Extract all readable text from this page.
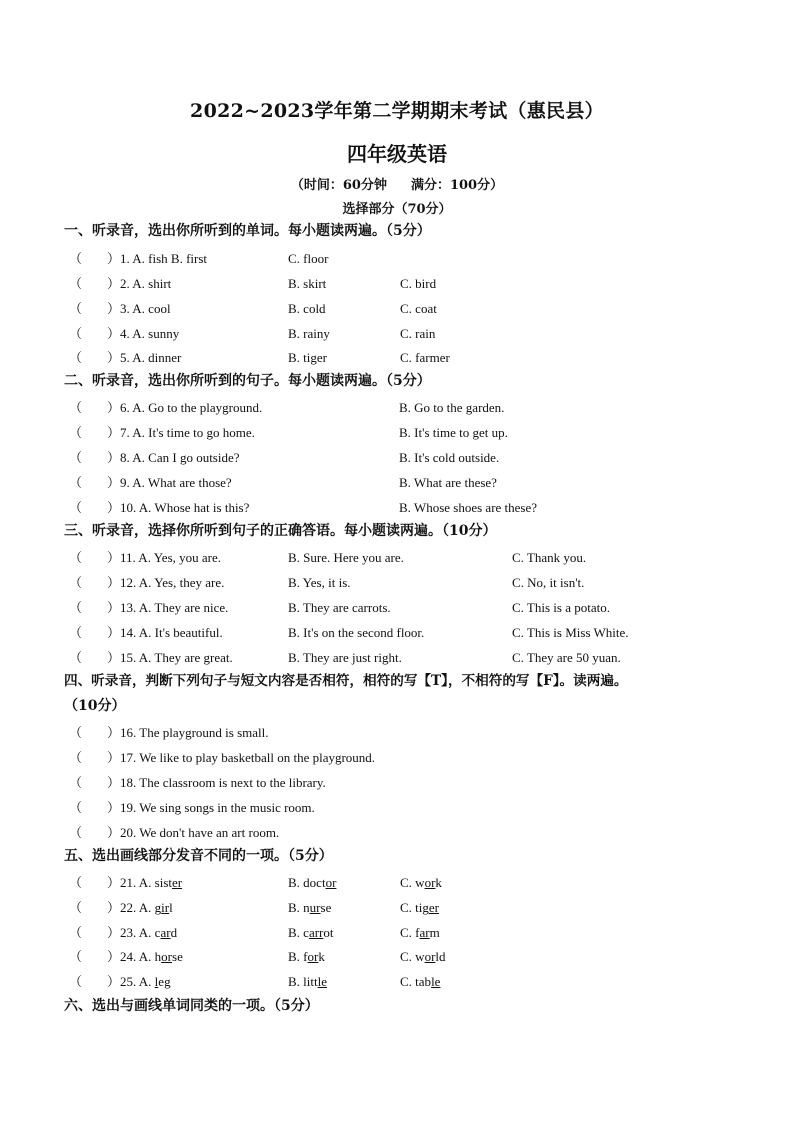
2022~2023学年第二学期期末考试（惠民县）
四年级英语
（时间：60分钟 满分：100分）
选择部分（70分）
一、听录音，选出你所听到的单词。每小题读两遍。（5分）
（ ） 1. A. fish B. first	C. floor
（ ） 2. A. shirt	B. skirt	C. bird
（ ） 3. A. cool	B. cold	C. coat
（ ） 4. A. sunny	B. rainy	C. rain
（ ） 5. A. dinner	B. tiger	C. farmer
二、听录音，选出你所听到的句子。每小题读两遍。（5分）
（ ） 6. A. Go to the playground.	B. Go to the garden.
（ ） 7. A. It's time to go home.	B. It's time to get up.
（ ） 8. A. Can I go outside?	B. It's cold outside.
（ ） 9. A. What are those?	B. What are these?
（ ） 10. A. Whose hat is this?	B. Whose shoes are these?
三、听录音，选择你所听到句子的正确答语。每小题读两遍。（10分）
（ ） 11. A. Yes, you are.	B. Sure. Here you are.	C. Thank you.
（ ） 12. A. Yes, they are.	B. Yes, it is.	C. No, it isn't.
（ ） 13. A. They are nice.	B. They are carrots.	C. This is a potato.
（ ） 14. A. It's beautiful.	B. It's on the second floor.	C. This is Miss White.
（ ） 15. A. They are great.	B. They are just right.	C. They are 50 yuan.
四、听录音，判断下列句子与短文内容是否相符，相符的写【T】，不相符的写【F】。读两遍。
（10分）
（ ） 16. The playground is small.
（ ） 17. We like to play basketball on the playground.
（ ） 18. The classroom is next to the library.
（ ） 19. We sing songs in the music room.
（ ） 20. We don't have an art room.
五、选出画线部分发音不同的一项。（5分）
（ ） 21. A. sister	B. doctor	C. work
（ ） 22. A. girl	B. nurse	C. tiger
（ ） 23. A. card	B. carrot	C. farm
（ ） 24. A. horse	B. fork	C. world
（ ） 25. A. leg	B. little	C. table
六、选出与画线单词同类的一项。（5分）
